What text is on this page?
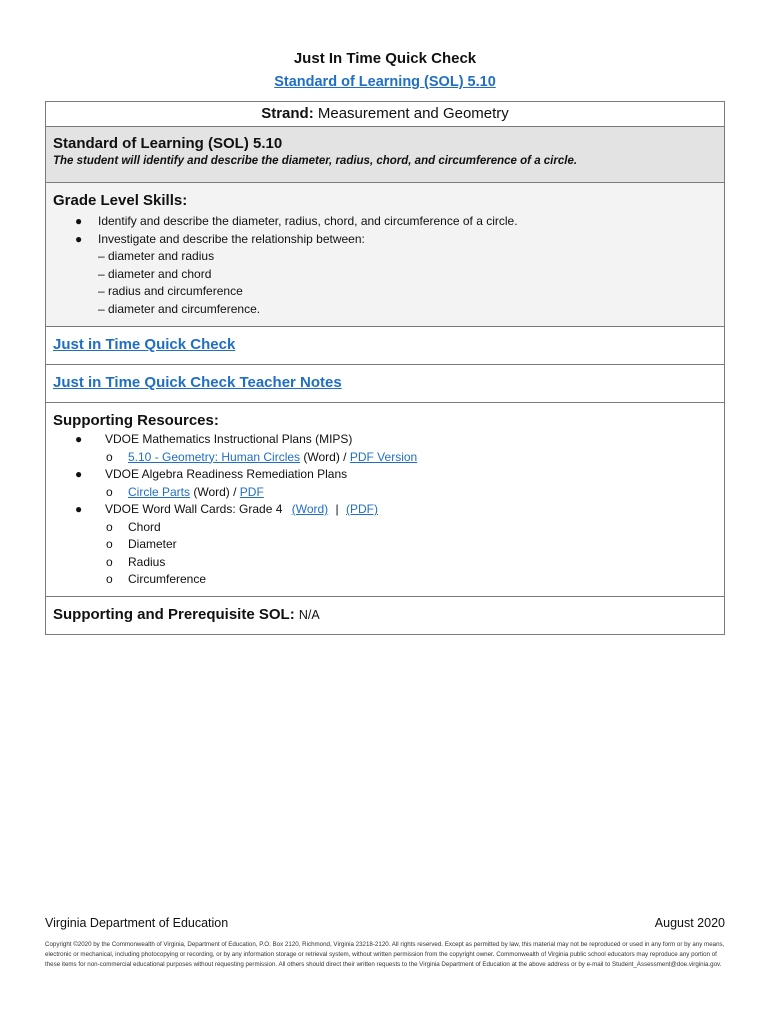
Just In Time Quick Check
Standard of Learning (SOL) 5.10
Strand: Measurement and Geometry
Standard of Learning (SOL) 5.10
The student will identify and describe the diameter, radius, chord, and circumference of a circle.
Grade Level Skills:
● Identify and describe the diameter, radius, chord, and circumference of a circle.
● Investigate and describe the relationship between:
– diameter and radius
– diameter and chord
– radius and circumference
– diameter and circumference.
Just in Time Quick Check
Just in Time Quick Check Teacher Notes
Supporting Resources:
● VDOE Mathematics Instructional Plans (MIPS)
o 5.10 - Geometry: Human Circles (Word) / PDF Version
● VDOE Algebra Readiness Remediation Plans
o Circle Parts (Word) / PDF
● VDOE Word Wall Cards: Grade 4 (Word) | (PDF)
o Chord
o Diameter
o Radius
o Circumference
Supporting and Prerequisite SOL: N/A
Virginia Department of Education	August 2020
Copyright ©2020 by the Commonwealth of Virginia, Department of Education, P.O. Box 2120, Richmond, Virginia 23218-2120. All rights reserved. Except as permitted by law, this material may not be reproduced or used in any form or by any means, electronic or mechanical, including photocopying or recording, or by any information storage or retrieval system, without written permission from the copyright owner. Commonwealth of Virginia public school educators may reproduce any portion of these items for non-commercial educational purposes without requesting permission. All others should direct their written requests to the Virginia Department of Education at the above address or by e-mail to Student_Assessment@doe.virginia.gov.
